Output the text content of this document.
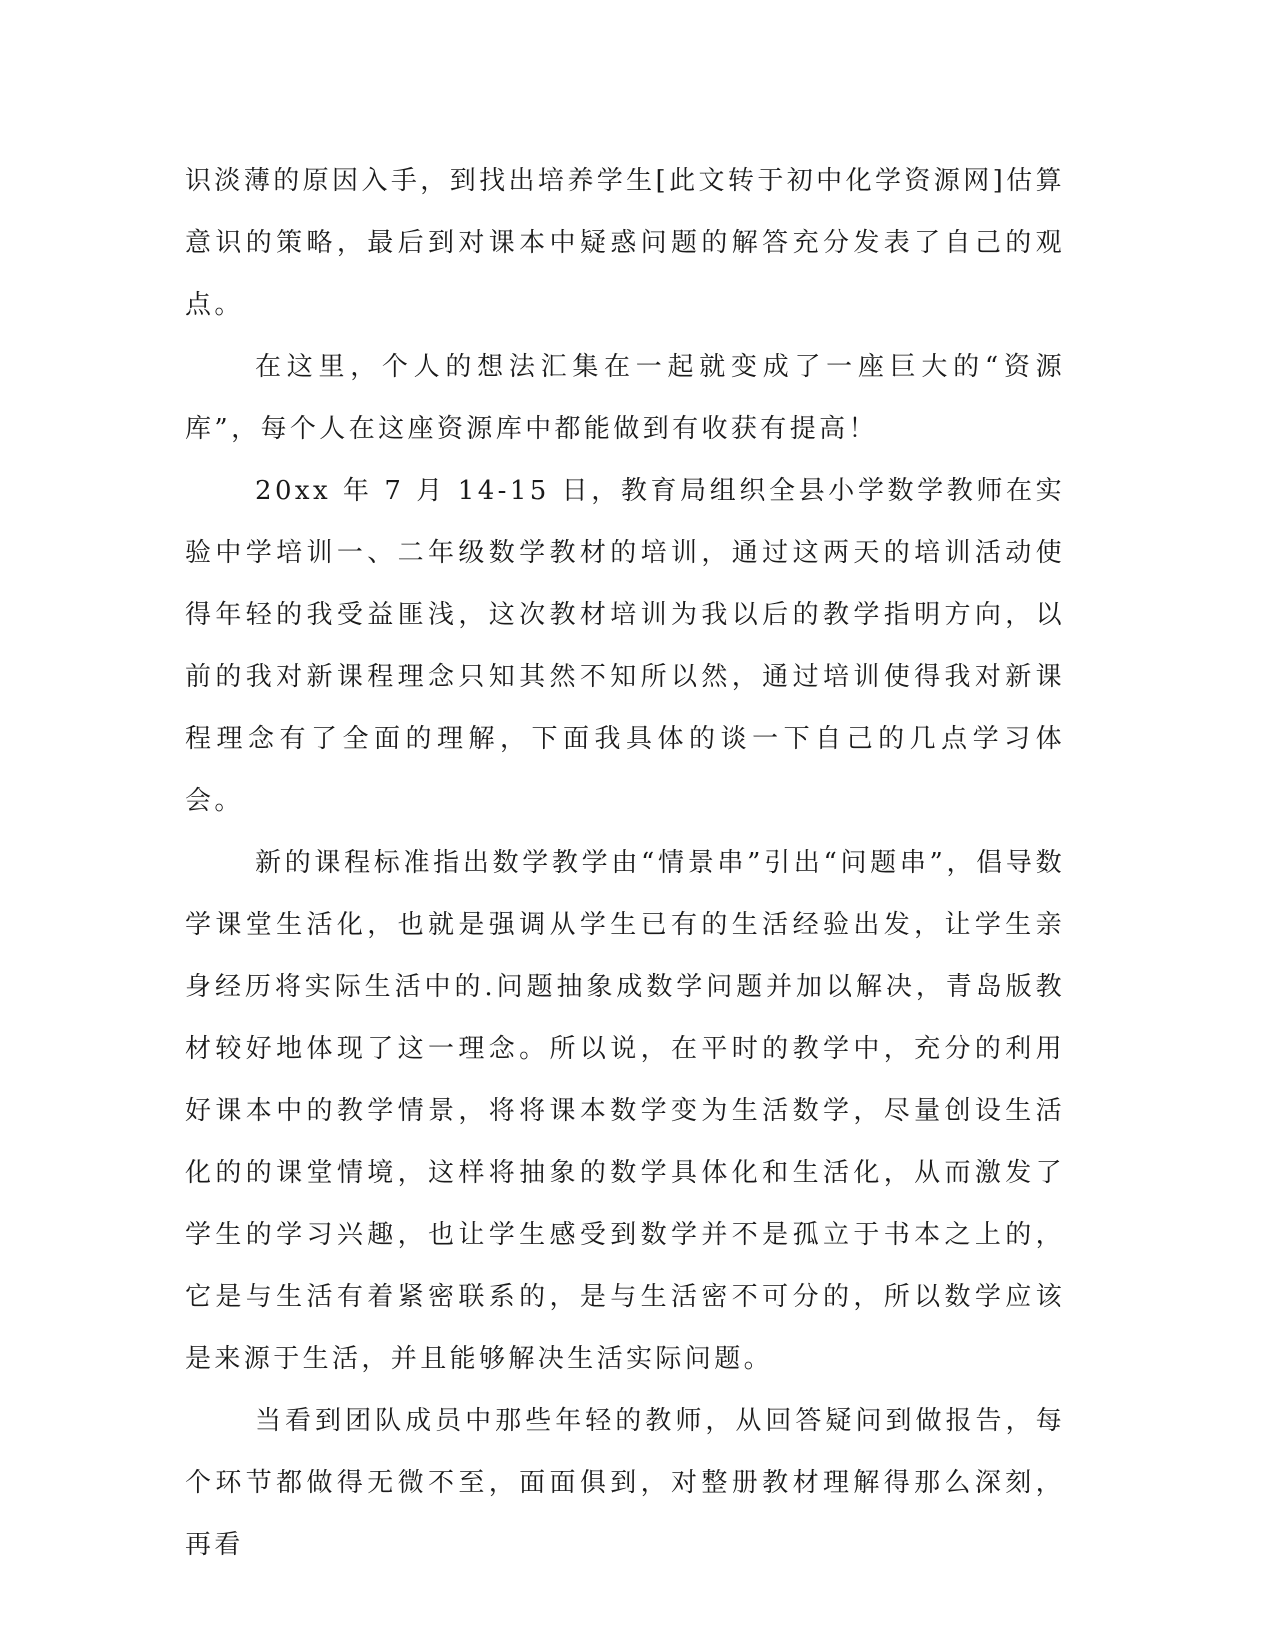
识淡薄的原因入手，到找出培养学生[此文转于初中化学资源网]估算意识的策略，最后到对课本中疑惑问题的解答充分发表了自己的观点。

在这里，个人的想法汇集在一起就变成了一座巨大的“资源库”，每个人在这座资源库中都能做到有收获有提高！

20xx 年 7 月 14-15 日，教育局组织全县小学数学教师在实验中学培训一、二年级数学教材的培训，通过这两天的培训活动使得年轻的我受益匪浅，这次教材培训为我以后的教学指明方向，以前的我对新课程理念只知其然不知所以然，通过培训使得我对新课程理念有了全面的理解，下面我具体的谈一下自己的几点学习体会。

新的课程标准指出数学教学由“情景串”引出“问题串”，倡导数学课堂生活化，也就是强调从学生已有的生活经验出发，让学生亲身经历将实际生活中的.问题抽象成数学问题并加以解决，青岛版教材较好地体现了这一理念。所以说，在平时的教学中，充分的利用好课本中的教学情景，将将课本数学变为生活数学，尽量创设生活化的的课堂情境，这样将抽象的数学具体化和生活化，从而激发了学生的学习兴趣，也让学生感受到数学并不是孤立于书本之上的，它是与生活有着紧密联系的，是与生活密不可分的，所以数学应该是来源于生活，并且能够解决生活实际问题。

当看到团队成员中那些年轻的教师，从回答疑问到做报告，每个环节都做得无微不至，面面俱到，对整册教材理解得那么深刻，再看
